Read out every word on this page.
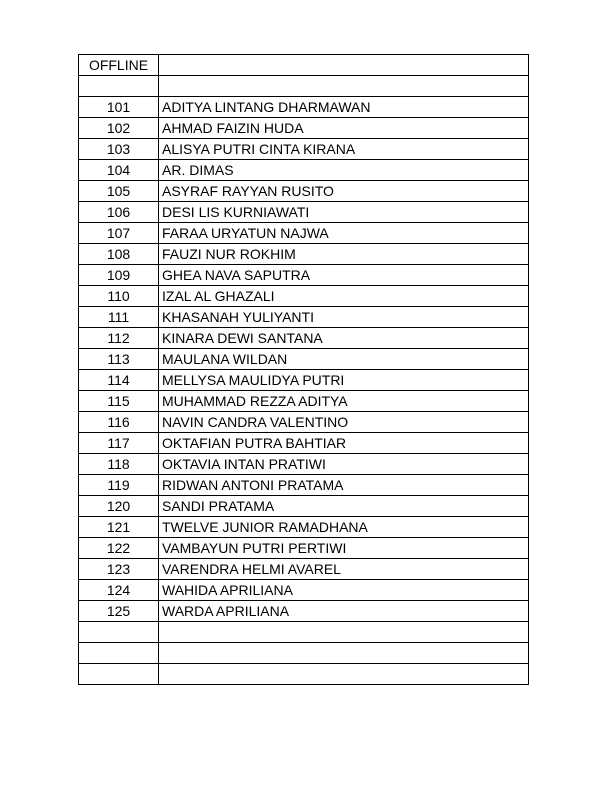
OFFLINE	

101	ADITYA LINTANG DHARMAWAN
102	AHMAD FAIZIN HUDA
103	ALISYA PUTRI CINTA KIRANA
104	AR. DIMAS
105	ASYRAF RAYYAN RUSITO
106	DESI LIS KURNIAWATI
107	FARAA URYATUN NAJWA
108	FAUZI NUR ROKHIM
109	GHEA NAVA SAPUTRA
110	IZAL AL GHAZALI
111	KHASANAH YULIYANTI
112	KINARA DEWI SANTANA
113	MAULANA WILDAN
114	MELLYSA MAULIDYA PUTRI
115	MUHAMMAD REZZA ADITYA
116	NAVIN CANDRA VALENTINO
117	OKTAFIAN PUTRA BAHTIAR
118	OKTAVIA INTAN PRATIWI
119	RIDWAN ANTONI PRATAMA
120	SANDI PRATAMA
121	TWELVE JUNIOR RAMADHANA
122	VAMBAYUN PUTRI PERTIWI
123	VARENDRA HELMI AVAREL
124	WAHIDA APRILIANA
125	WARDA APRILIANA
